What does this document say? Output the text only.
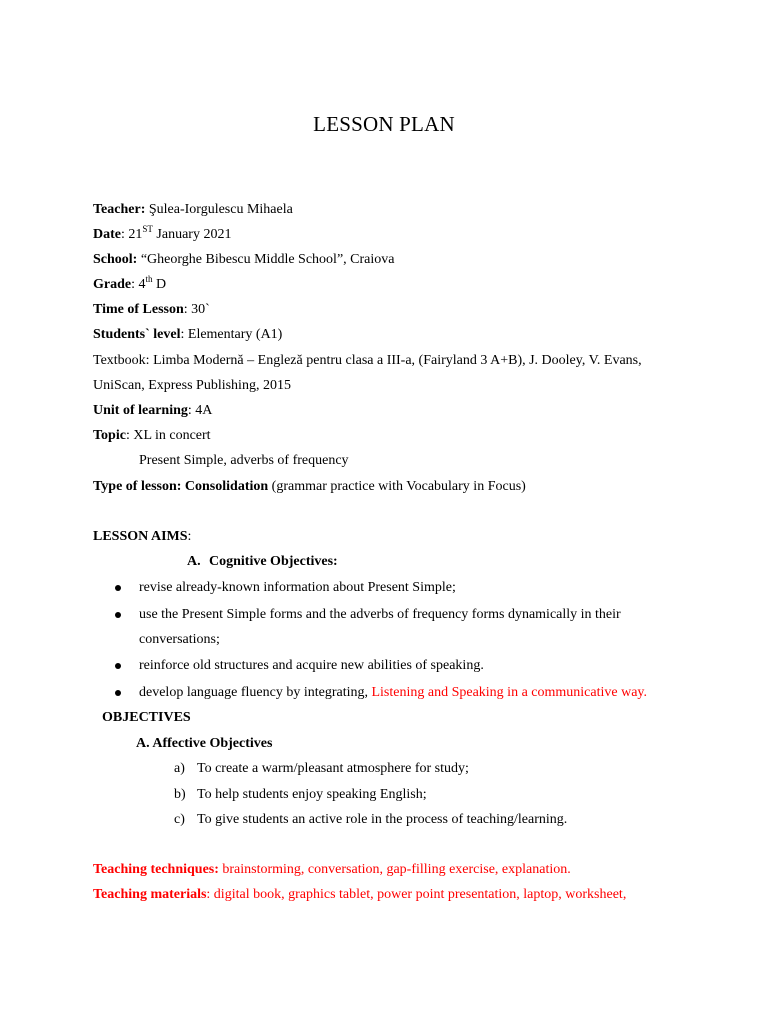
LESSON PLAN
Teacher: Şulea-Iorgulescu Mihaela
Date: 21ST January 2021
School: “Gheorghe Bibescu Middle School”, Craiova
Grade: 4th D
Time of Lesson: 30`
Students` level: Elementary (A1)
Textbook: Limba Modernă – Engleză pentru clasa a III-a, (Fairyland 3 A+B), J. Dooley, V. Evans,
UniScan, Express Publishing, 2015
Unit of learning: 4A
Topic: XL in concert
Present Simple, adverbs of frequency
Type of lesson: Consolidation (grammar practice with Vocabulary in Focus)
LESSON AIMS:
A. Cognitive Objectives:
revise already-known information about Present Simple;
use the Present Simple forms and the adverbs of frequency forms dynamically in their
conversations;
reinforce old structures and acquire new abilities of speaking.
develop language fluency by integrating, Listening and Speaking in a communicative way.
OBJECTIVES
A. Affective Objectives
a) To create a warm/pleasant atmosphere for study;
b) To help students enjoy speaking English;
c) To give students an active role in the process of teaching/learning.
Teaching techniques: brainstorming, conversation, gap-filling exercise, explanation.
Teaching materials: digital book, graphics tablet, power point presentation, laptop, worksheet,
